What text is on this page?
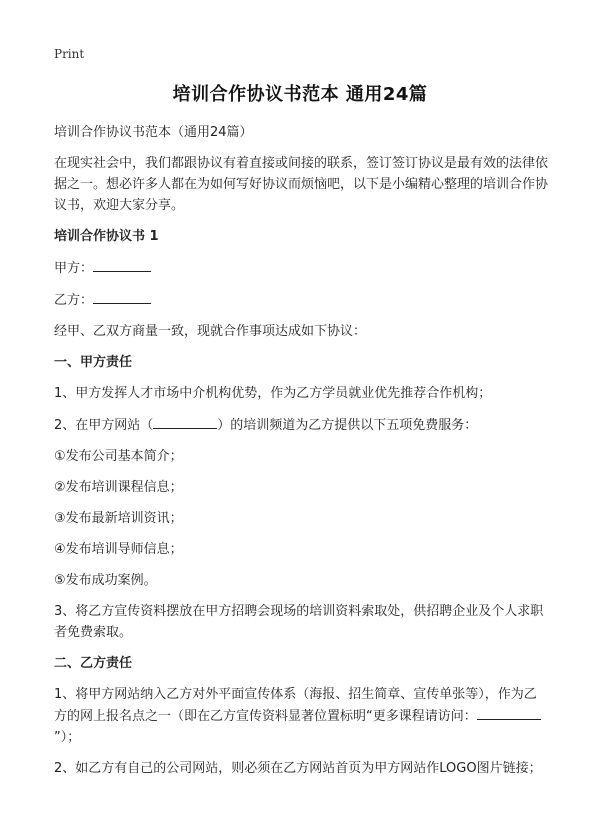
Print
培训合作协议书范本 通用24篇

培训合作协议书范本（通用24篇）

在现实社会中，我们都跟协议有着直接或间接的联系，签订签订协议是最有效的法律依据之一。想必许多人都在为如何写好协议而烦恼吧，以下是小编精心整理的培训合作协议书，欢迎大家分享。

培训合作协议书 1

甲方：

乙方：

经甲、乙双方商量一致，现就合作事项达成如下协议：

一、甲方责任

1、甲方发挥人才市场中介机构优势，作为乙方学员就业优先推荐合作机构；

2、在甲方网站（	）的培训频道为乙方提供以下五项免费服务：

①发布公司基本简介；

②发布培训课程信息；

③发布最新培训资讯；

④发布培训导师信息；

⑤发布成功案例。

3、将乙方宣传资料摆放在甲方招聘会现场的培训资料索取处，供招聘企业及个人求职者免费索取。

二、乙方责任

1、将甲方网站纳入乙方对外平面宣传体系（海报、招生简章、宣传单张等），作为乙方的网上报名点之一（即在乙方宣传资料显著位置标明“更多课程请访问：”）；

2、如乙方有自己的公司网站，则必须在乙方网站首页为甲方网站作LOGO图片链接；
